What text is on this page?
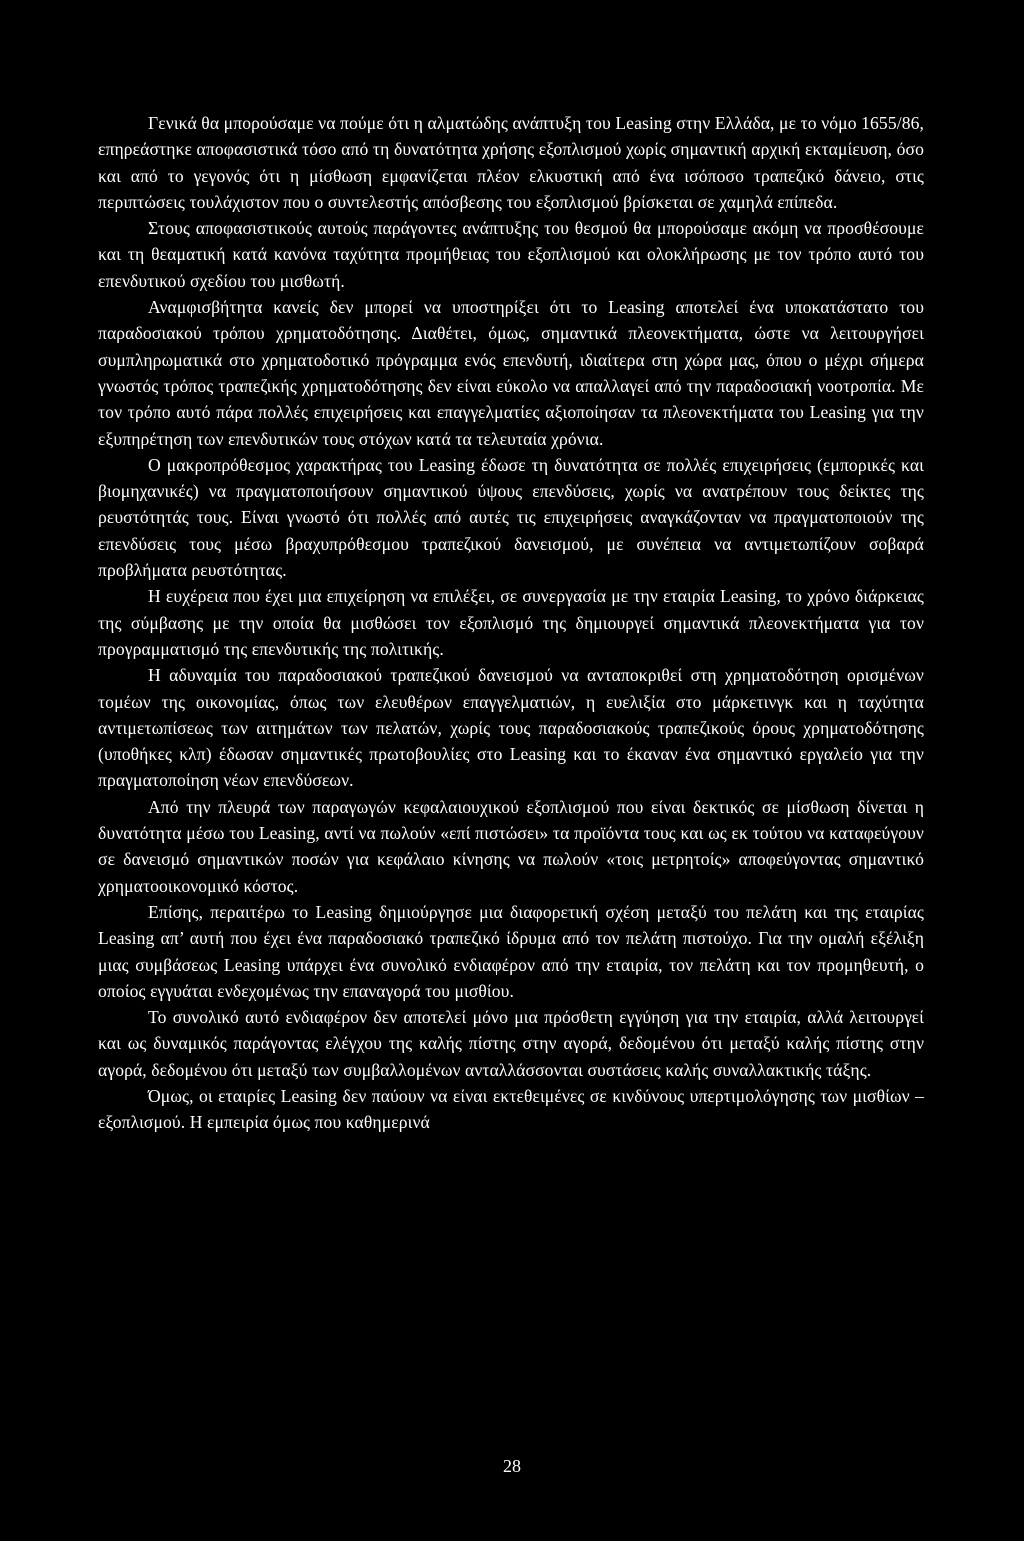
Γενικά θα μπορούσαμε να πούμε ότι η αλματώδης ανάπτυξη του Leasing στην Ελλάδα, με το νόμο 1655/86, επηρεάστηκε αποφασιστικά τόσο από τη δυνατότητα χρήσης εξοπλισμού χωρίς σημαντική αρχική εκταμίευση, όσο και από το γεγονός ότι η μίσθωση εμφανίζεται πλέον ελκυστική από ένα ισόποσο τραπεζικό δάνειο, στις περιπτώσεις τουλάχιστον που ο συντελεστής απόσβεσης του εξοπλισμού βρίσκεται σε χαμηλά επίπεδα.

Στους αποφασιστικούς αυτούς παράγοντες ανάπτυξης του θεσμού θα μπορούσαμε ακόμη να προσθέσουμε και τη θεαματική κατά κανόνα ταχύτητα προμήθειας του εξοπλισμού και ολοκλήρωσης με τον τρόπο αυτό του επενδυτικού σχεδίου του μισθωτή.

Αναμφισβήτητα κανείς δεν μπορεί να υποστηρίξει ότι το Leasing αποτελεί ένα υποκατάστατο του παραδοσιακού τρόπου χρηματοδότησης. Διαθέτει, όμως, σημαντικά πλεονεκτήματα, ώστε να λειτουργήσει συμπληρωματικά στο χρηματοδοτικό πρόγραμμα ενός επενδυτή, ιδιαίτερα στη χώρα μας, όπου ο μέχρι σήμερα γνωστός τρόπος τραπεζικής χρηματοδότησης δεν είναι εύκολο να απαλλαγεί από την παραδοσιακή νοοτροπία. Με τον τρόπο αυτό πάρα πολλές επιχειρήσεις και επαγγελματίες αξιοποίησαν τα πλεονεκτήματα του Leasing για την εξυπηρέτηση των επενδυτικών τους στόχων κατά τα τελευταία χρόνια.

Ο μακροπρόθεσμος χαρακτήρας του Leasing έδωσε τη δυνατότητα σε πολλές επιχειρήσεις (εμπορικές και βιομηχανικές) να πραγματοποιήσουν σημαντικού ύψους επενδύσεις, χωρίς να ανατρέπουν τους δείκτες της ρευστότητάς τους. Είναι γνωστό ότι πολλές από αυτές τις επιχειρήσεις αναγκάζονταν να πραγματοποιούν της επενδύσεις τους μέσω βραχυπρόθεσμου τραπεζικού δανεισμού, με συνέπεια να αντιμετωπίζουν σοβαρά προβλήματα ρευστότητας.

Η ευχέρεια που έχει μια επιχείρηση να επιλέξει, σε συνεργασία με την εταιρία Leasing, το χρόνο διάρκειας της σύμβασης με την οποία θα μισθώσει τον εξοπλισμό της δημιουργεί σημαντικά πλεονεκτήματα για τον προγραμματισμό της επενδυτικής της πολιτικής.

Η αδυναμία του παραδοσιακού τραπεζικού δανεισμού να ανταποκριθεί στη χρηματοδότηση ορισμένων τομέων της οικονομίας, όπως των ελευθέρων επαγγελματιών, η ευελιξία στο μάρκετινγκ και η ταχύτητα αντιμετωπίσεως των αιτημάτων των πελατών, χωρίς τους παραδοσιακούς τραπεζικούς όρους χρηματοδότησης (υποθήκες κλπ) έδωσαν σημαντικές πρωτοβουλίες στο Leasing και το έκαναν ένα σημαντικό εργαλείο για την πραγματοποίηση νέων επενδύσεων.

Από την πλευρά των παραγωγών κεφαλαιουχικού εξοπλισμού που είναι δεκτικός σε μίσθωση δίνεται η δυνατότητα μέσω του Leasing, αντί να πωλούν «επί πιστώσει» τα προϊόντα τους και ως εκ τούτου να καταφεύγουν σε δανεισμό σημαντικών ποσών για κεφάλαιο κίνησης να πωλούν «τοις μετρητοίς» αποφεύγοντας σημαντικό χρηματοοικονομικό κόστος.

Επίσης, περαιτέρω το Leasing δημιούργησε μια διαφορετική σχέση μεταξύ του πελάτη και της εταιρίας Leasing απ’ αυτή που έχει ένα παραδοσιακό τραπεζικό ίδρυμα από τον πελάτη πιστούχο. Για την ομαλή εξέλιξη μιας συμβάσεως Leasing υπάρχει ένα συνολικό ενδιαφέρον από την εταιρία, τον πελάτη και τον προμηθευτή, ο οποίος εγγυάται ενδεχομένως την επαναγορά του μισθίου.

Το συνολικό αυτό ενδιαφέρον δεν αποτελεί μόνο μια πρόσθετη εγγύηση για την εταιρία, αλλά λειτουργεί και ως δυναμικός παράγοντας ελέγχου της καλής πίστης στην αγορά, δεδομένου ότι μεταξύ καλής πίστης στην αγορά, δεδομένου ότι μεταξύ των συμβαλλομένων ανταλλάσσονται συστάσεις καλής συναλλακτικής τάξης.

Όμως, οι εταιρίες Leasing δεν παύουν να είναι εκτεθειμένες σε κινδύνους υπερτιμολόγησης των μισθίων – εξοπλισμού. Η εμπειρία όμως που καθημερινά

28
